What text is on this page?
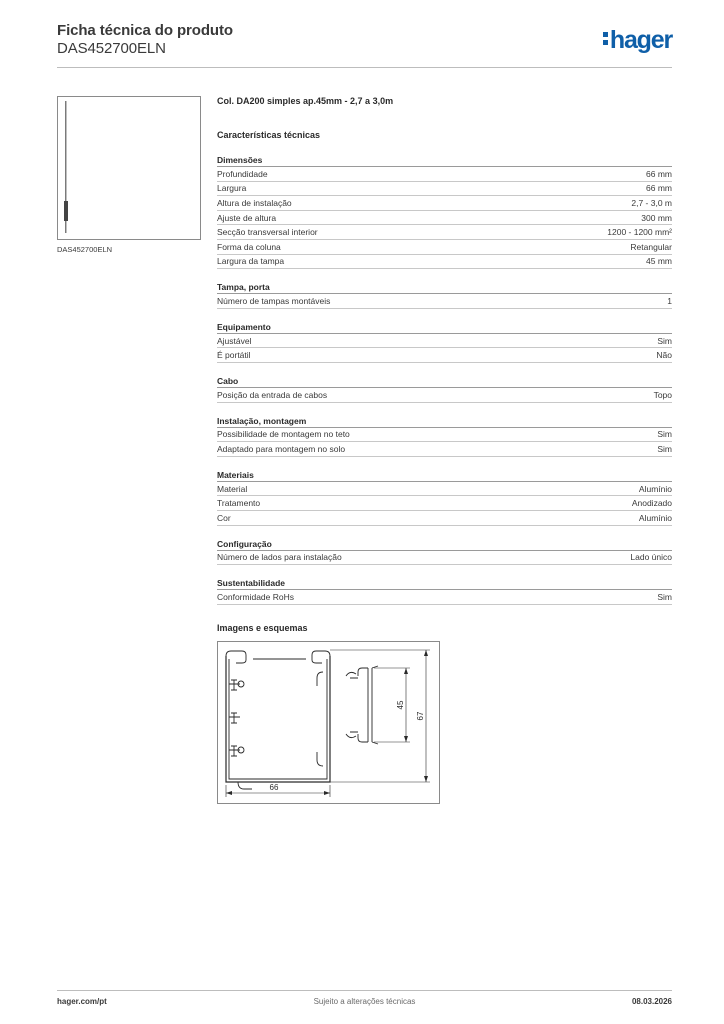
Ficha técnica do produto
DAS452700ELN	hager
DAS452700ELN
Col. DA200 simples ap.45mm - 2,7 a 3,0m
Características técnicas
Dimensões
Profundidade	66 mm
Largura	66 mm
Altura de instalação	2,7 - 3,0 m
Ajuste de altura	300 mm
Secção transversal interior	1200 - 1200 mm²
Forma da coluna	Retangular
Largura da tampa	45 mm
Tampa, porta
Número de tampas montáveis	1
Equipamento
Ajustável	Sim
É portátil	Não
Cabo
Posição da entrada de cabos	Topo
Instalação, montagem
Possibilidade de montagem no teto	Sim
Adaptado para montagem no solo	Sim
Materiais
Material	Alumínio
Tratamento	Anodizado
Cor	Alumínio
Configuração
Número de lados para instalação	Lado único
Sustentabilidade
Conformidade RoHs	Sim
Imagens e esquemas
66
45
67
hager.com/pt	Sujeito a alterações técnicas	08.03.2026
